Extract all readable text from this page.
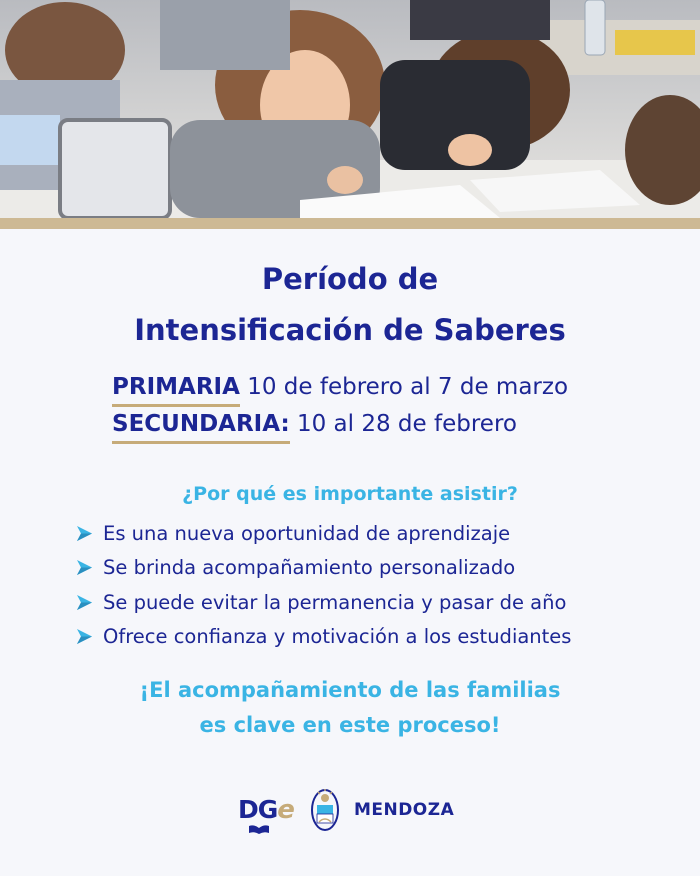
Período de
Intensificación de Saberes
PRIMARIA 10 de febrero al 7 de marzo
SECUNDARIA: 10 al 28 de febrero
¿Por qué es importante asistir?
Es una nueva oportunidad de aprendizaje
Se brinda acompañamiento personalizado
Se puede evitar la permanencia y pasar de año
Ofrece confianza y motivación a los estudiantes
¡El acompañamiento de las familias
es clave en este proceso!
D G e	MENDOZA
